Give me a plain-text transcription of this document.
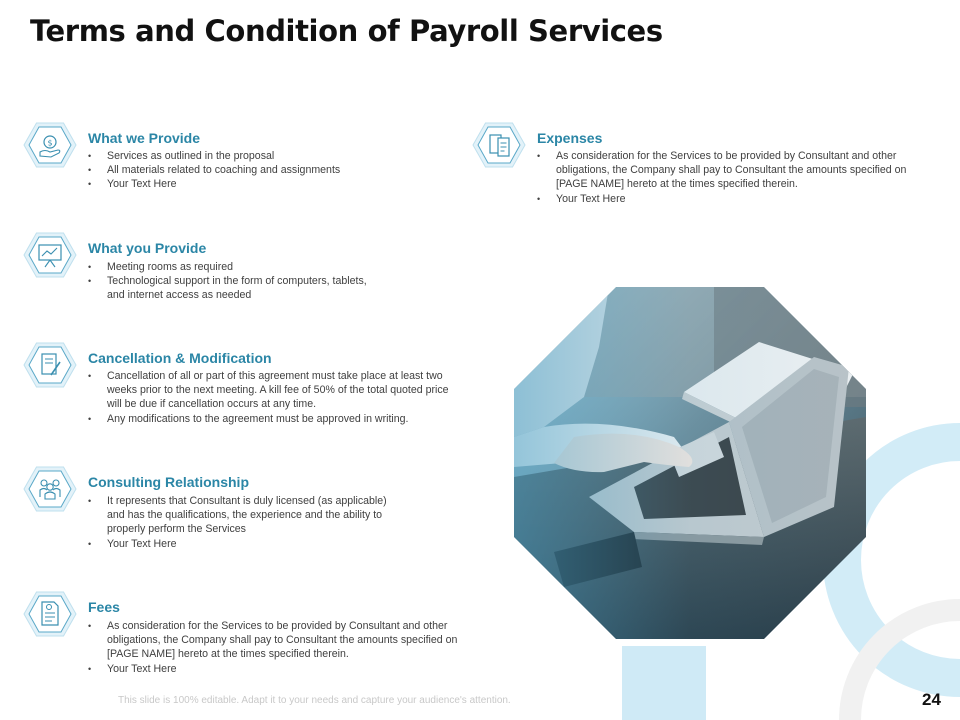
Terms and Condition of Payroll Services
$	What we Provide
• Services as outlined in the proposal
• All materials related to coaching and assignments
• Your Text Here
What you Provide
• Meeting rooms as required
• Technological support in the form of computers, tablets, and internet access as needed
Cancellation & Modification
• Cancellation of all or part of this agreement must take place at least two weeks prior to the next meeting. A kill fee of 50% of the total quoted price will be due if cancellation occurs at any time.
• Any modifications to the agreement must be approved in writing.
Consulting Relationship
• It represents that Consultant is duly licensed (as applicable) and has the qualifications, the experience and the ability to properly perform the Services
• Your Text Here
Fees
• As consideration for the Services to be provided by Consultant and other obligations, the Company shall pay to Consultant the amounts specified on [PAGE NAME] hereto at the times specified therein.
• Your Text Here
Expenses
• As consideration for the Services to be provided by Consultant and other obligations, the Company shall pay to Consultant the amounts specified on [PAGE NAME] hereto at the times specified therein.
• Your Text Here
This slide is 100% editable. Adapt it to your needs and capture your audience's attention.	24
